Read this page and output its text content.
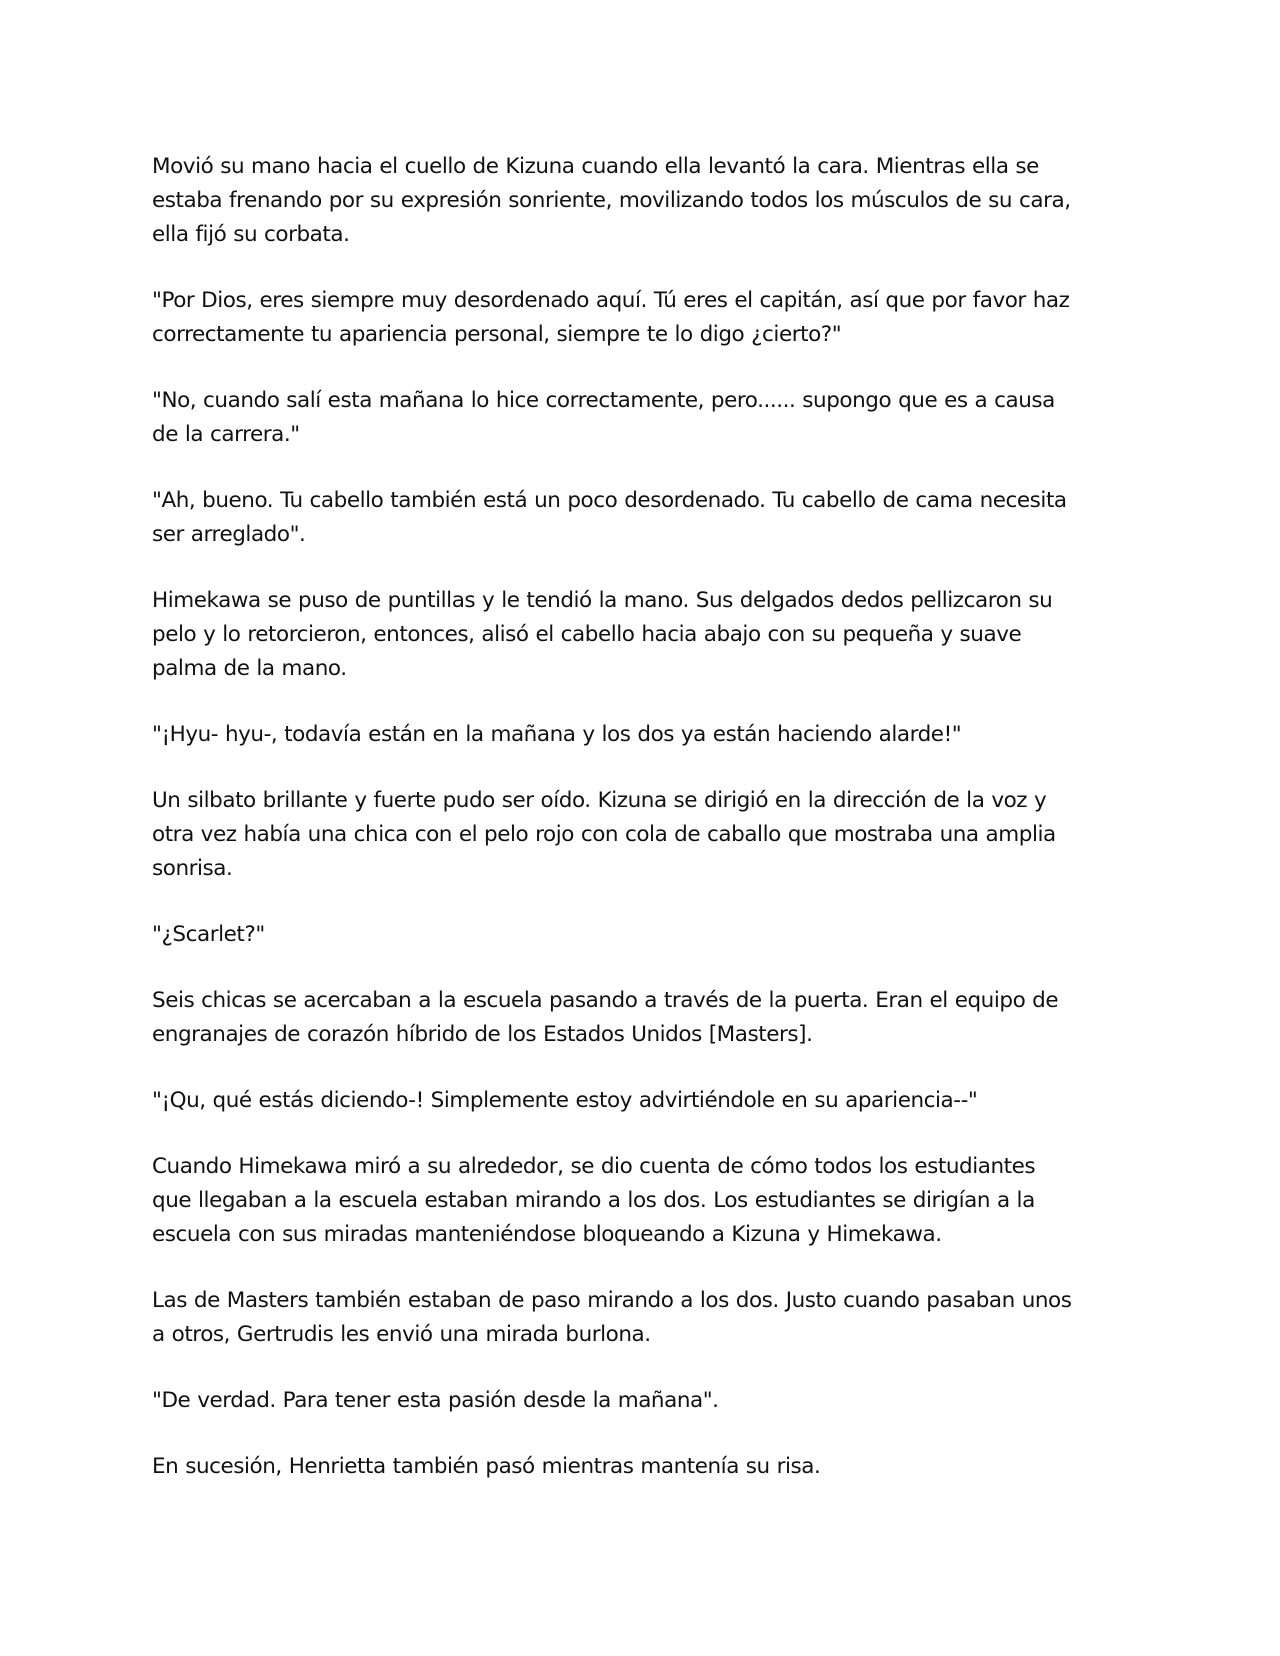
Movió su mano hacia el cuello de Kizuna cuando ella levantó la cara. Mientras ella se
estaba frenando por su expresión sonriente, movilizando todos los músculos de su cara,
ella fijó su corbata.

"Por Dios, eres siempre muy desordenado aquí. Tú eres el capitán, así que por favor haz
correctamente tu apariencia personal, siempre te lo digo ¿cierto?"

"No, cuando salí esta mañana lo hice correctamente, pero...... supongo que es a causa
de la carrera."

"Ah, bueno. Tu cabello también está un poco desordenado. Tu cabello de cama necesita
ser arreglado".

Himekawa se puso de puntillas y le tendió la mano. Sus delgados dedos pellizcaron su
pelo y lo retorcieron, entonces, alisó el cabello hacia abajo con su pequeña y suave
palma de la mano.

"¡Hyu- hyu-, todavía están en la mañana y los dos ya están haciendo alarde!"

Un silbato brillante y fuerte pudo ser oído. Kizuna se dirigió en la dirección de la voz y
otra vez había una chica con el pelo rojo con cola de caballo que mostraba una amplia
sonrisa.

"¿Scarlet?"

Seis chicas se acercaban a la escuela pasando a través de la puerta. Eran el equipo de
engranajes de corazón híbrido de los Estados Unidos [Masters].

"¡Qu, qué estás diciendo-! Simplemente estoy advirtiéndole en su apariencia--"

Cuando Himekawa miró a su alrededor, se dio cuenta de cómo todos los estudiantes
que llegaban a la escuela estaban mirando a los dos. Los estudiantes se dirigían a la
escuela con sus miradas manteniéndose bloqueando a Kizuna y Himekawa.

Las de Masters también estaban de paso mirando a los dos. Justo cuando pasaban unos
a otros, Gertrudis les envió una mirada burlona.

"De verdad. Para tener esta pasión desde la mañana".

En sucesión, Henrietta también pasó mientras mantenía su risa.
